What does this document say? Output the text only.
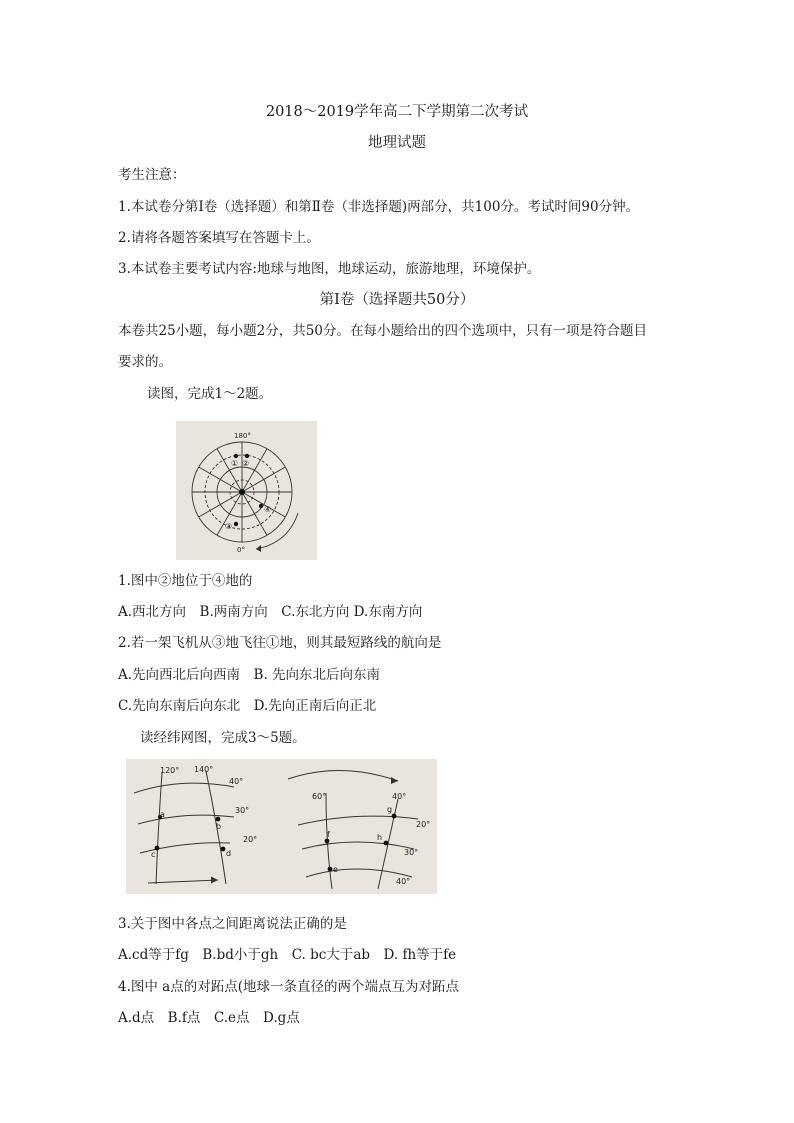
2018～2019学年高二下学期第二次考试
地理试题
考生注意：
1.本试卷分第Ⅰ卷（选择题）和第Ⅱ卷（非选择题)两部分，共100分。考试时间90分钟。
2.请将各题答案填写在答题卡上。
3.本试卷主要考试内容:地球与地图，地球运动，旅游地理，环境保护。
第Ⅰ卷（选择题共50分）
本卷共25小题，每小题2分，共50分。在每小题给出的四个选项中，只有一项是符合题目
要求的。
读图，完成1～2题。
180°
0°
① ②
③
④
1.图中②地位于④地的
A.西北方向　B.两南方向　C.东北方向 D.东南方向
2.若一架飞机从③地飞往①地，则其最短路线的航向是
A.先向西北后向西南　B. 先向东北后向东南
C.先向东南后向东北　D.先向正南后向正北
读经纬网图，完成3～5题。
120° 140°
40°
30°
20°
a
b
c	d
60°	40°
20°
30°
40°
e
f
g
h
3.关于图中各点之间距离说法正确的是
A.cd等于fg　B.bd小于gh　C. bc大于ab　D. fh等于fe
4.图中 a点的对跖点(地球一条直径的两个端点互为对跖点
A.d点　B.f点　C.e点　D.g点
